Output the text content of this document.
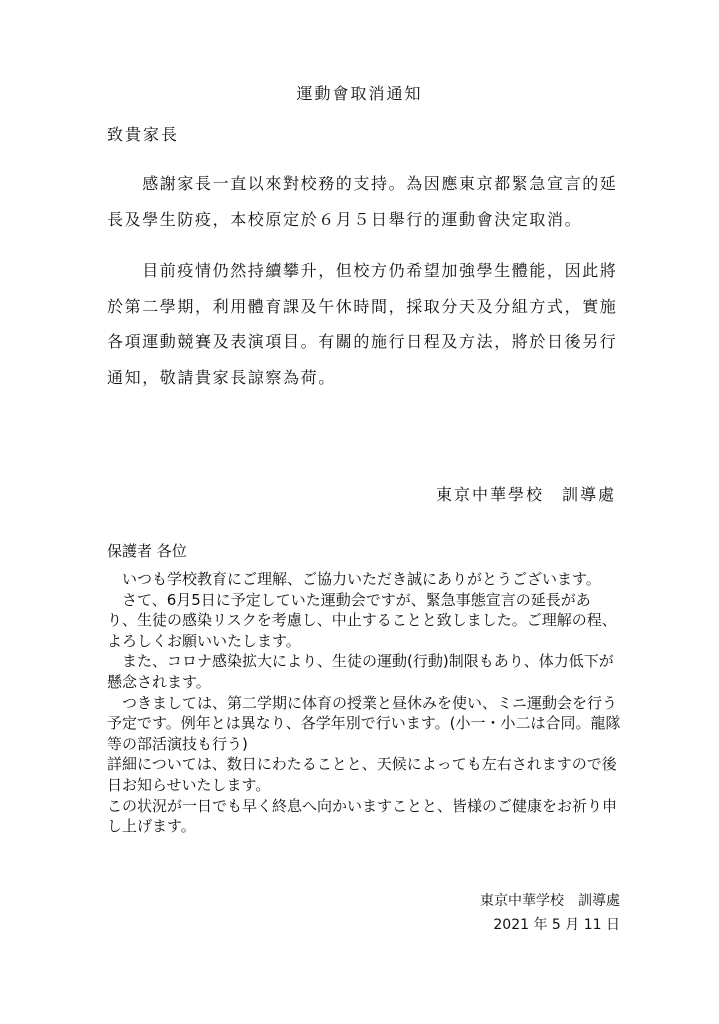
運動會取消通知
致貴家長
　　感謝家長一直以來對校務的支持。為因應東京都緊急宣言的延
長及學生防疫，本校原定於６月５日舉行的運動會決定取消。
　　目前疫情仍然持續攀升，但校方仍希望加強學生體能，因此將
於第二學期，利用體育課及午休時間，採取分天及分組方式，實施
各項運動競賽及表演項目。有關的施行日程及方法，將於日後另行
通知，敬請貴家長諒察為荷。
東京中華學校　訓導處
保護者 各位
　いつも学校教育にご理解、ご協力いただき誠にありがとうございます。
　さて、6月5日に予定していた運動会ですが、緊急事態宣言の延長があ
り、生徒の感染リスクを考慮し、中止することと致しました。ご理解の程、
よろしくお願いいたします。
　また、コロナ感染拡大により、生徒の運動(行動)制限もあり、体力低下が
懸念されます。
　つきましては、第二学期に体育の授業と昼休みを使い、ミニ運動会を行う
予定です。例年とは異なり、各学年別で行います。(小一・小二は合同。龍隊
等の部活演技も行う)
詳細については、数日にわたることと、天候によっても左右されますので後
日お知らせいたします。
この状況が一日でも早く終息へ向かいますことと、皆様のご健康をお祈り申
し上げます。
東京中華学校　訓導處
2021 年 5 月 11 日
